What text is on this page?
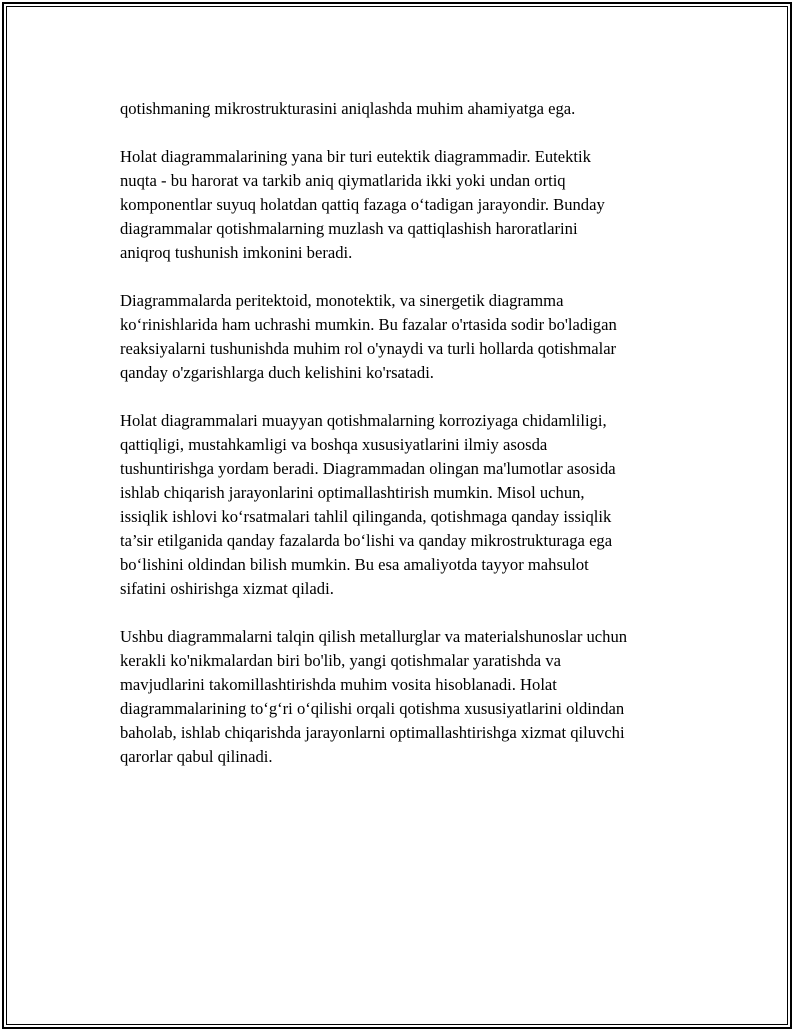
qotishmaning mikrostrukturasini aniqlashda muhim ahamiyatga ega.

Holat diagrammalarining yana bir turi eutektik diagrammadir. Eutektik
nuqta - bu harorat va tarkib aniq qiymatlarida ikki yoki undan ortiq
komponentlar suyuq holatdan qattiq fazaga oʻtadigan jarayondir. Bunday
diagrammalar qotishmalarning muzlash va qattiqlashish haroratlarini
aniqroq tushunish imkonini beradi.

Diagrammalarda peritektoid, monotektik, va sinergetik diagramma
koʻrinishlarida ham uchrashi mumkin. Bu fazalar o'rtasida sodir bo'ladigan
reaksiyalarni tushunishda muhim rol o'ynaydi va turli hollarda qotishmalar
qanday o'zgarishlarga duch kelishini ko'rsatadi.

Holat diagrammalari muayyan qotishmalarning korroziyaga chidamliligi,
qattiqligi, mustahkamligi va boshqa xususiyatlarini ilmiy asosda
tushuntirishga yordam beradi. Diagrammadan olingan ma'lumotlar asosida
ishlab chiqarish jarayonlarini optimallashtirish mumkin. Misol uchun,
issiqlik ishlovi koʻrsatmalari tahlil qilinganda, qotishmaga qanday issiqlik
ta’sir etilganida qanday fazalarda boʻlishi va qanday mikrostrukturaga ega
boʻlishini oldindan bilish mumkin. Bu esa amaliyotda tayyor mahsulot
sifatini oshirishga xizmat qiladi.

Ushbu diagrammalarni talqin qilish metallurglar va materialshunoslar uchun
kerakli ko'nikmalardan biri bo'lib, yangi qotishmalar yaratishda va
mavjudlarini takomillashtirishda muhim vosita hisoblanadi. Holat
diagrammalarining toʻgʻri oʻqilishi orqali qotishma xususiyatlarini oldindan
baholab, ishlab chiqarishda jarayonlarni optimallashtirishga xizmat qiluvchi
qarorlar qabul qilinadi.
